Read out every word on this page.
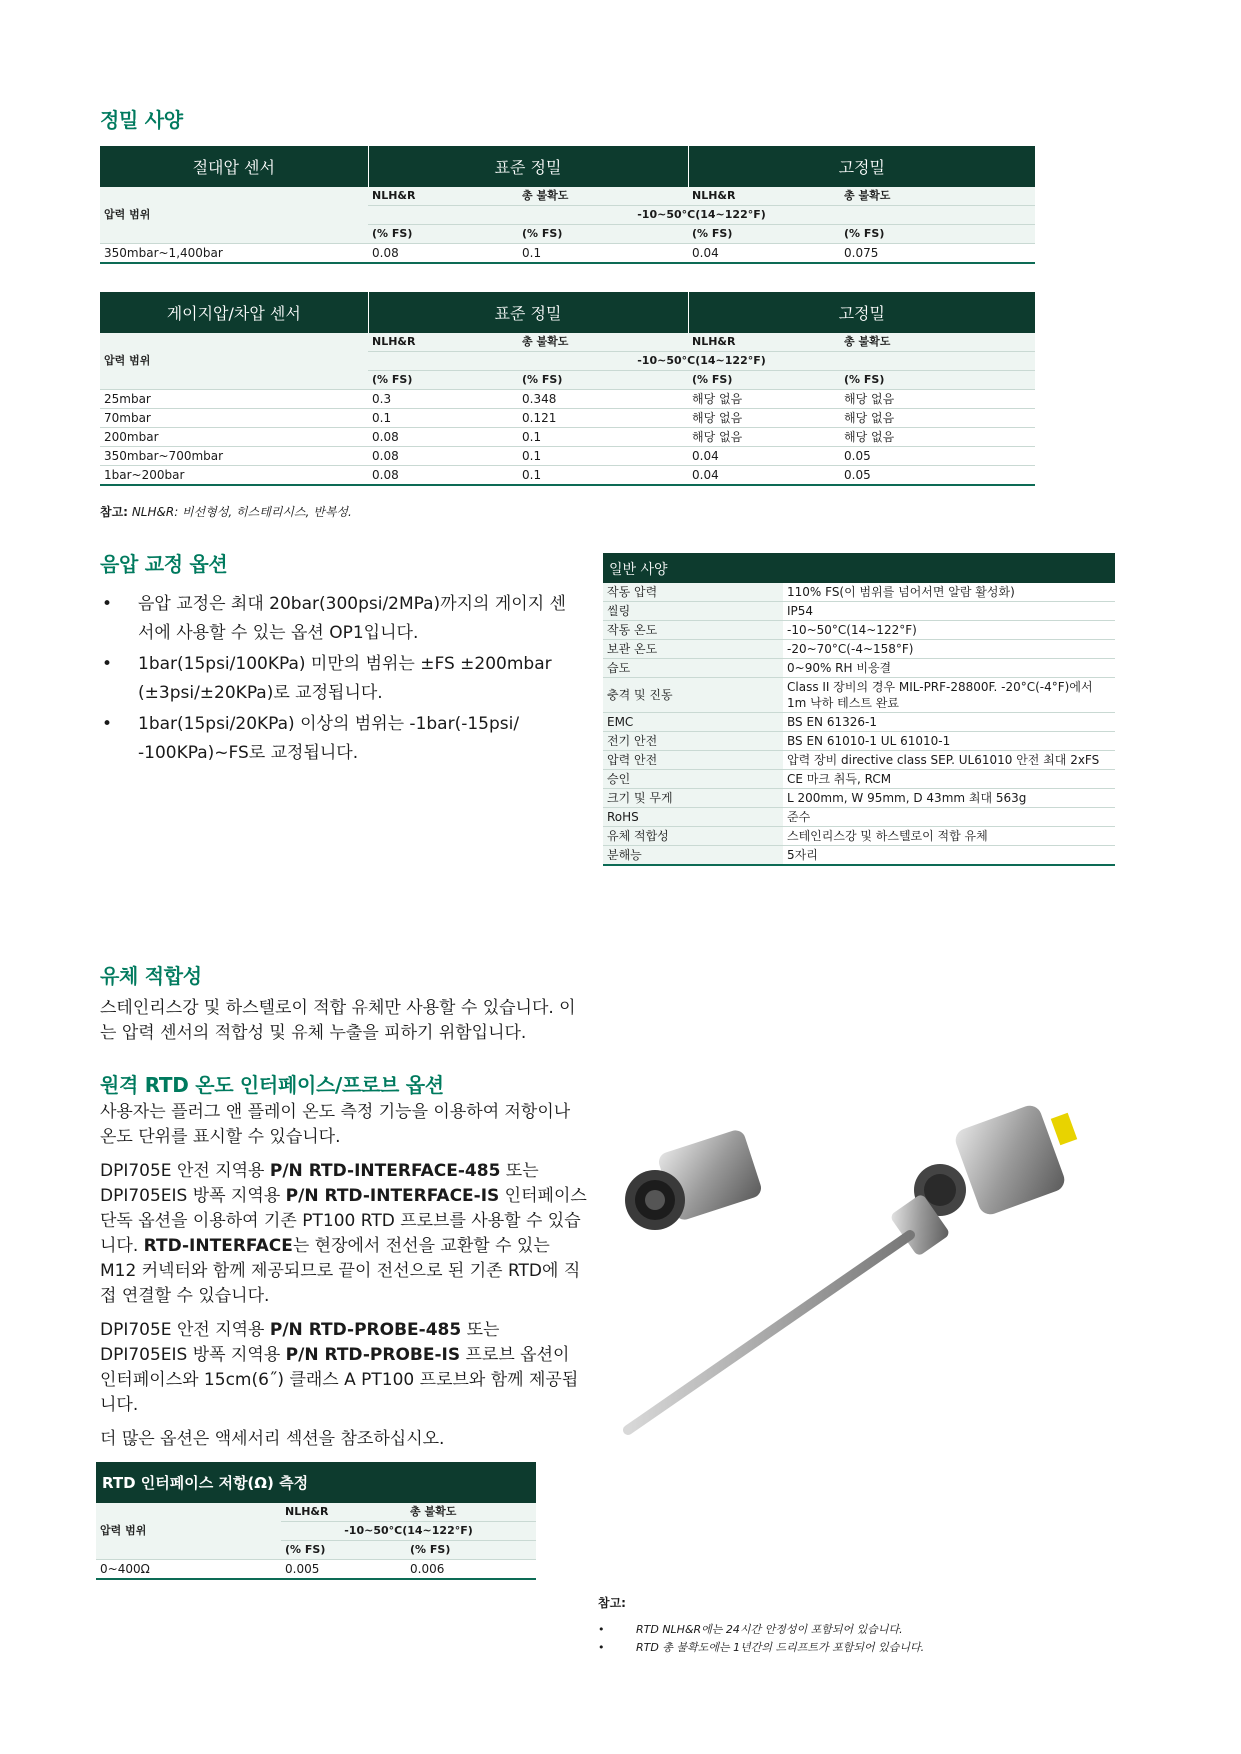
정밀 사양
절대압 센서	표준 정밀		고정밀	
압력 범위	NLH&R	총 불확도	NLH&R	총 불확도
	-10~50°C(14~122°F)			
	(% FS)	(% FS)	(% FS)	(% FS)
350mbar~1,400bar	0.08	0.1	0.04	0.075
게이지압/차압 센서	표준 정밀		고정밀	
압력 범위	NLH&R	총 불확도	NLH&R	총 불확도
	-10~50°C(14~122°F)			
	(% FS)	(% FS)	(% FS)	(% FS)
25mbar	0.3	0.348	해당 없음	해당 없음
70mbar	0.1	0.121	해당 없음	해당 없음
200mbar	0.08	0.1	해당 없음	해당 없음
350mbar~700mbar	0.08	0.1	0.04	0.05
1bar~200bar	0.08	0.1	0.04	0.05
참고: NLH&R: 비선형성, 히스테리시스, 반복성.
음압 교정 옵션
• 음압 교정은 최대 20bar(300psi/2MPa)까지의 게이지 센서에 사용할 수 있는 옵션 OP1입니다.
• 1bar(15psi/100KPa) 미만의 범위는 ±FS ±200mbar (±3psi/±20KPa)로 교정됩니다.
• 1bar(15psi/20KPa) 이상의 범위는 -1bar(-15psi/ -100KPa)~FS로 교정됩니다.
일반 사양
작동 압력	110% FS(이 범위를 넘어서면 알람 활성화)
씰링	IP54
작동 온도	-10~50°C(14~122°F)
보관 온도	-20~70°C(-4~158°F)
습도	0~90% RH 비응결
충격 및 진동	Class II 장비의 경우 MIL-PRF-28800F. -20°C(-4°F)에서 1m 낙하 테스트 완료
EMC	BS EN 61326-1
전기 안전	BS EN 61010-1 UL 61010-1
압력 안전	압력 장비 directive class SEP. UL61010 안전 최대 2xFS
승인	CE 마크 취득, RCM
크기 및 무게	L 200mm, W 95mm, D 43mm 최대 563g
RoHS	준수
유체 적합성	스테인리스강 및 하스텔로이 적합 유체
분해능	5자리
유체 적합성
스테인리스강 및 하스텔로이 적합 유체만 사용할 수 있습니다. 이는 압력 센서의 적합성 및 유체 누출을 피하기 위함입니다.
원격 RTD 온도 인터페이스/프로브 옵션

사용자는 플러그 앤 플레이 온도 측정 기능을 이용하여 저항이나 온도 단위를 표시할 수 있습니다.

DPI705E 안전 지역용 P/N RTD-INTERFACE-485 또는 DPI705EIS 방폭 지역용 P/N RTD-INTERFACE-IS 인터페이스 단독 옵션을 이용하여 기존 PT100 RTD 프로브를 사용할 수 있습니다. RTD-INTERFACE는 현장에서 전선을 교환할 수 있는 M12 커넥터와 함께 제공되므로 끝이 전선으로 된 기존 RTD에 직접 연결할 수 있습니다.

DPI705E 안전 지역용 P/N RTD-PROBE-485 또는 DPI705EIS 방폭 지역용 P/N RTD-PROBE-IS 프로브 옵션이 인터페이스와 15cm(6˝) 클래스 A PT100 프로브와 함께 제공됩니다.

더 많은 옵션은 액세서리 섹션을 참조하십시오.

RTD 인터페이스 저항(Ω) 측정		
압력 범위	NLH&R	총 불확도
	-10~50°C(14~122°F)	
	(% FS)	(% FS)
0~400Ω	0.005	0.006
참고:
•	RTD NLH&R에는 24시간 안정성이 포함되어 있습니다.
•	RTD 총 불확도에는 1년간의 드리프트가 포함되어 있습니다.
